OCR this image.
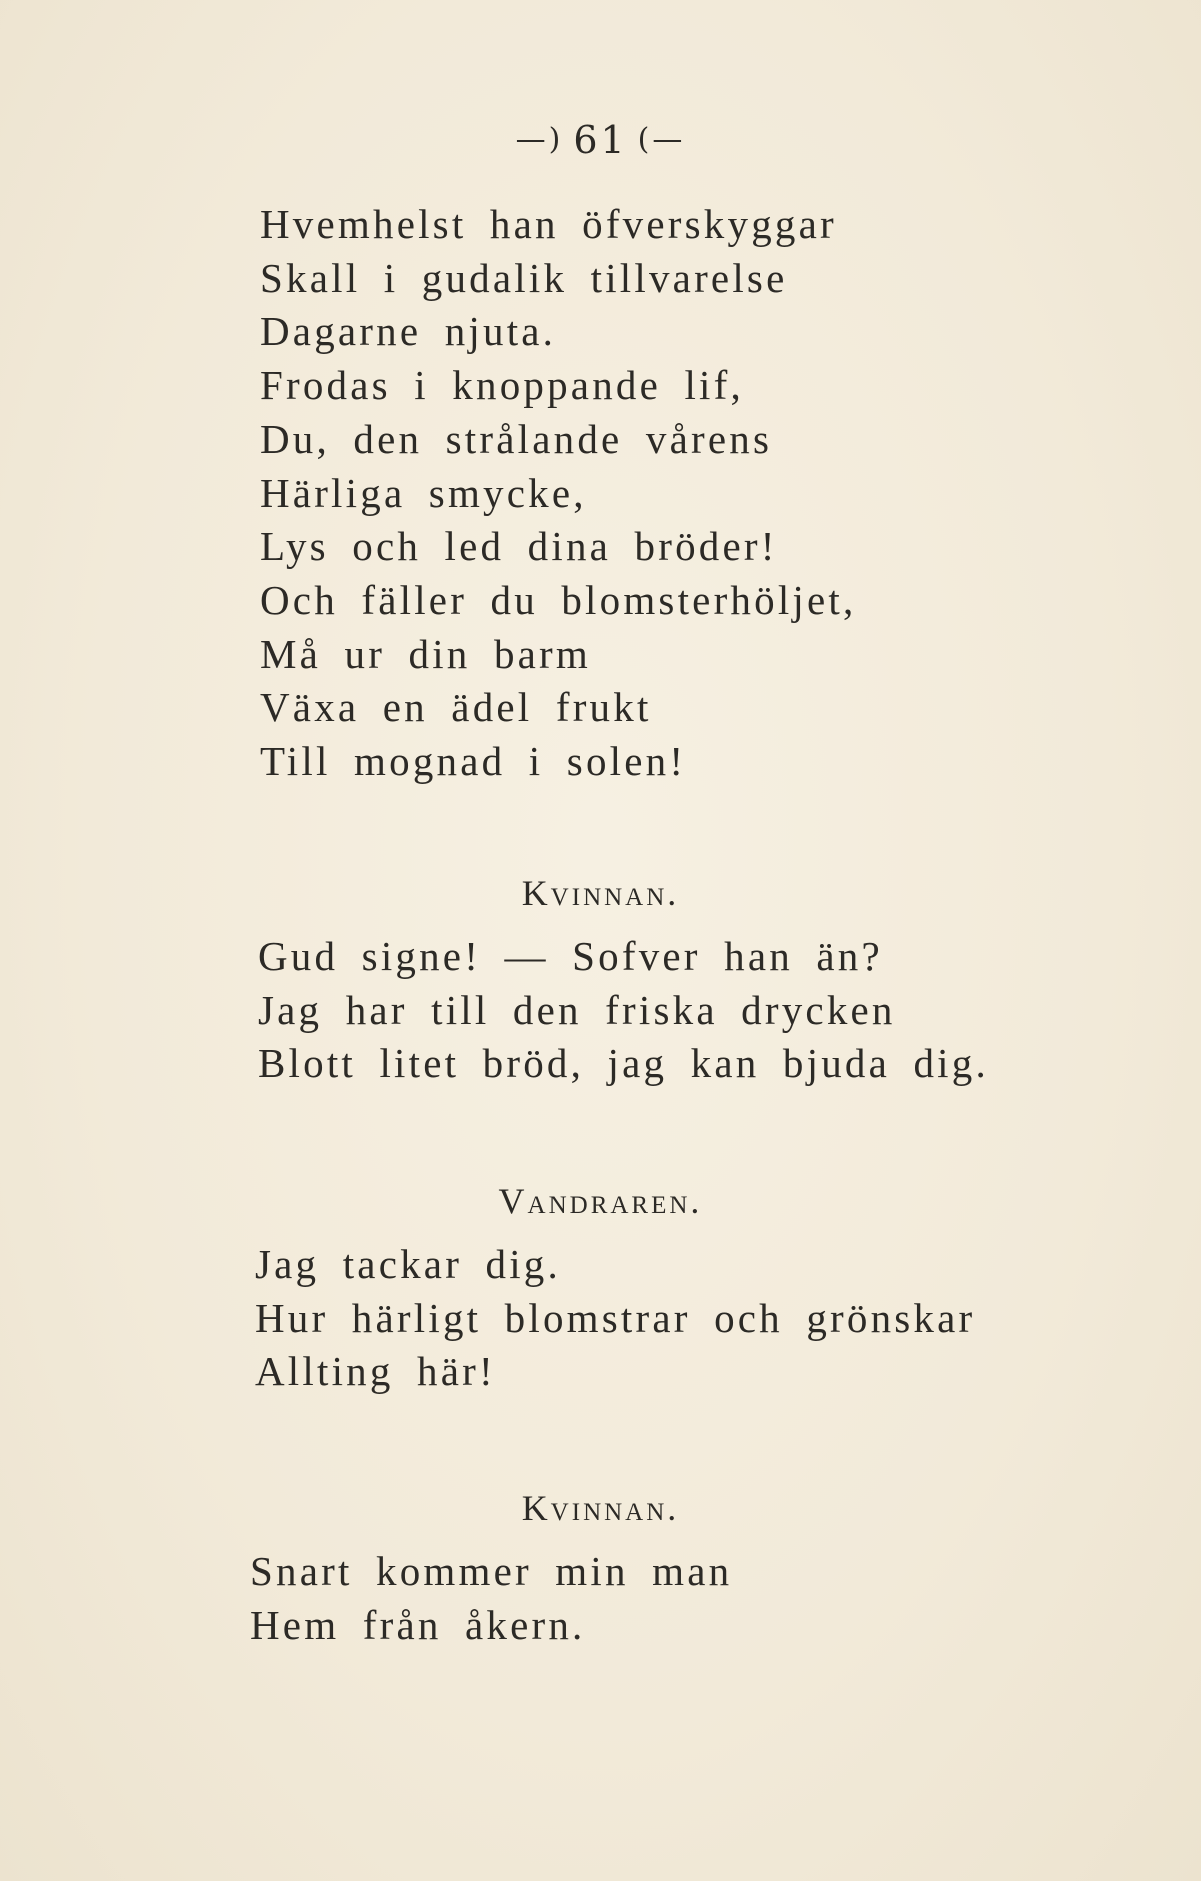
—) 61 (—
Hvemhelst han öfverskyggar
Skall i gudalik tillvarelse
Dagarne njuta.
Frodas i knoppande lif,
Du, den strålande vårens
Härliga smycke,
Lys och led dina bröder!
Och fäller du blomsterhöljet,
Må ur din barm
Växa en ädel frukt
Till mognad i solen!
Kvinnan.
Gud signe! — Sofver han än?
Jag har till den friska drycken
Blott litet bröd, jag kan bjuda dig.
Vandraren.
Jag tackar dig.
Hur härligt blomstrar och grönskar
Allting här!
Kvinnan.
Snart kommer min man
Hem från åkern.
